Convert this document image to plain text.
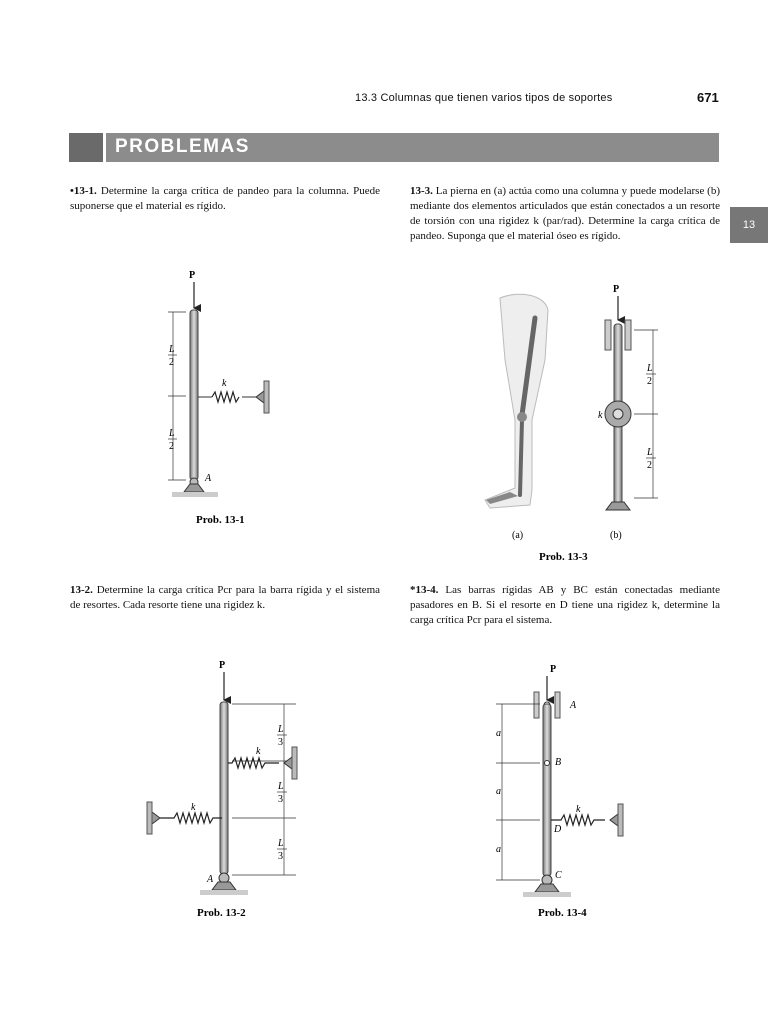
13.3 Columnas que tienen varios tipos de soportes	671
PROBLEMAS
13
•13-1. Determine la carga crítica de pandeo para la columna. Puede suponerse que el material es rígido.
13-3. La pierna en (a) actúa como una columna y puede modelarse (b) mediante dos elementos articulados que están conectados a un resorte de torsión con una rigidez k (par/rad). Determine la carga crítica de pandeo. Suponga que el material óseo es rígido.
13-2. Determine la carga crítica Pcr para la barra rígida y el sistema de resortes. Cada resorte tiene una rigidez k.
*13-4. Las barras rígidas AB y BC están conectadas mediante pasadores en B. Si el resorte en D tiene una rigidez k, determine la carga crítica Pcr para el sistema.
P
A
L
2
L
2
k
Prob. 13-1
(a)
P
k
L
2
L
2
(b)
Prob. 13-3
P
A
L
3
L
3
L
3
k
k
Prob. 13-2
P
A
B
C
D
a
a
a
k
Prob. 13-4
